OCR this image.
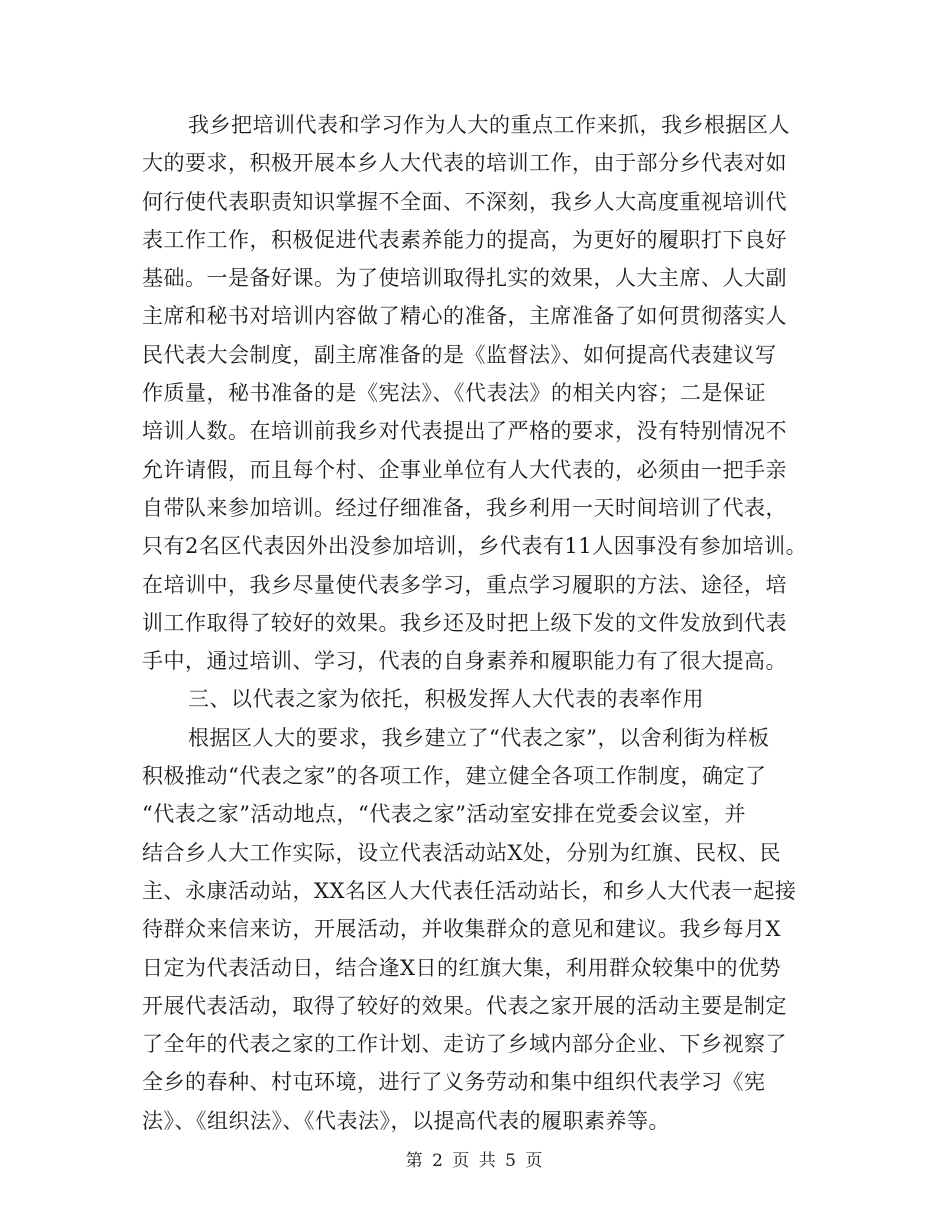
我乡把培训代表和学习作为人大的重点工作来抓，我乡根据区人
大的要求，积极开展本乡人大代表的培训工作，由于部分乡代表对如
何行使代表职责知识掌握不全面、不深刻，我乡人大高度重视培训代
表工作工作，积极促进代表素养能力的提高，为更好的履职打下良好
基础。一是备好课。为了使培训取得扎实的效果，人大主席、人大副
主席和秘书对培训内容做了精心的准备，主席准备了如何贯彻落实人
民代表大会制度，副主席准备的是《监督法》、如何提高代表建议写
作质量，秘书准备的是《宪法》、《代表法》的相关内容；二是保证
培训人数。在培训前我乡对代表提出了严格的要求，没有特别情况不
允许请假，而且每个村、企事业单位有人大代表的，必须由一把手亲
自带队来参加培训。经过仔细准备，我乡利用一天时间培训了代表，
只有2名区代表因外出没参加培训，乡代表有11人因事没有参加培训。
在培训中，我乡尽量使代表多学习，重点学习履职的方法、途径，培
训工作取得了较好的效果。我乡还及时把上级下发的文件发放到代表
手中，通过培训、学习，代表的自身素养和履职能力有了很大提高。
三、以代表之家为依托，积极发挥人大代表的表率作用
根据区人大的要求，我乡建立了“代表之家”，以舍利街为样板
积极推动“代表之家”的各项工作，建立健全各项工作制度，确定了
“代表之家”活动地点，“代表之家”活动室安排在党委会议室，并
结合乡人大工作实际，设立代表活动站X处，分别为红旗、民权、民
主、永康活动站，XX名区人大代表任活动站长，和乡人大代表一起接
待群众来信来访，开展活动，并收集群众的意见和建议。我乡每月X
日定为代表活动日，结合逢X日的红旗大集，利用群众较集中的优势
开展代表活动，取得了较好的效果。代表之家开展的活动主要是制定
了全年的代表之家的工作计划、走访了乡域内部分企业、下乡视察了
全乡的春种、村屯环境，进行了义务劳动和集中组织代表学习《宪
法》、《组织法》、《代表法》，以提高代表的履职素养等。
第 2 页 共 5 页
